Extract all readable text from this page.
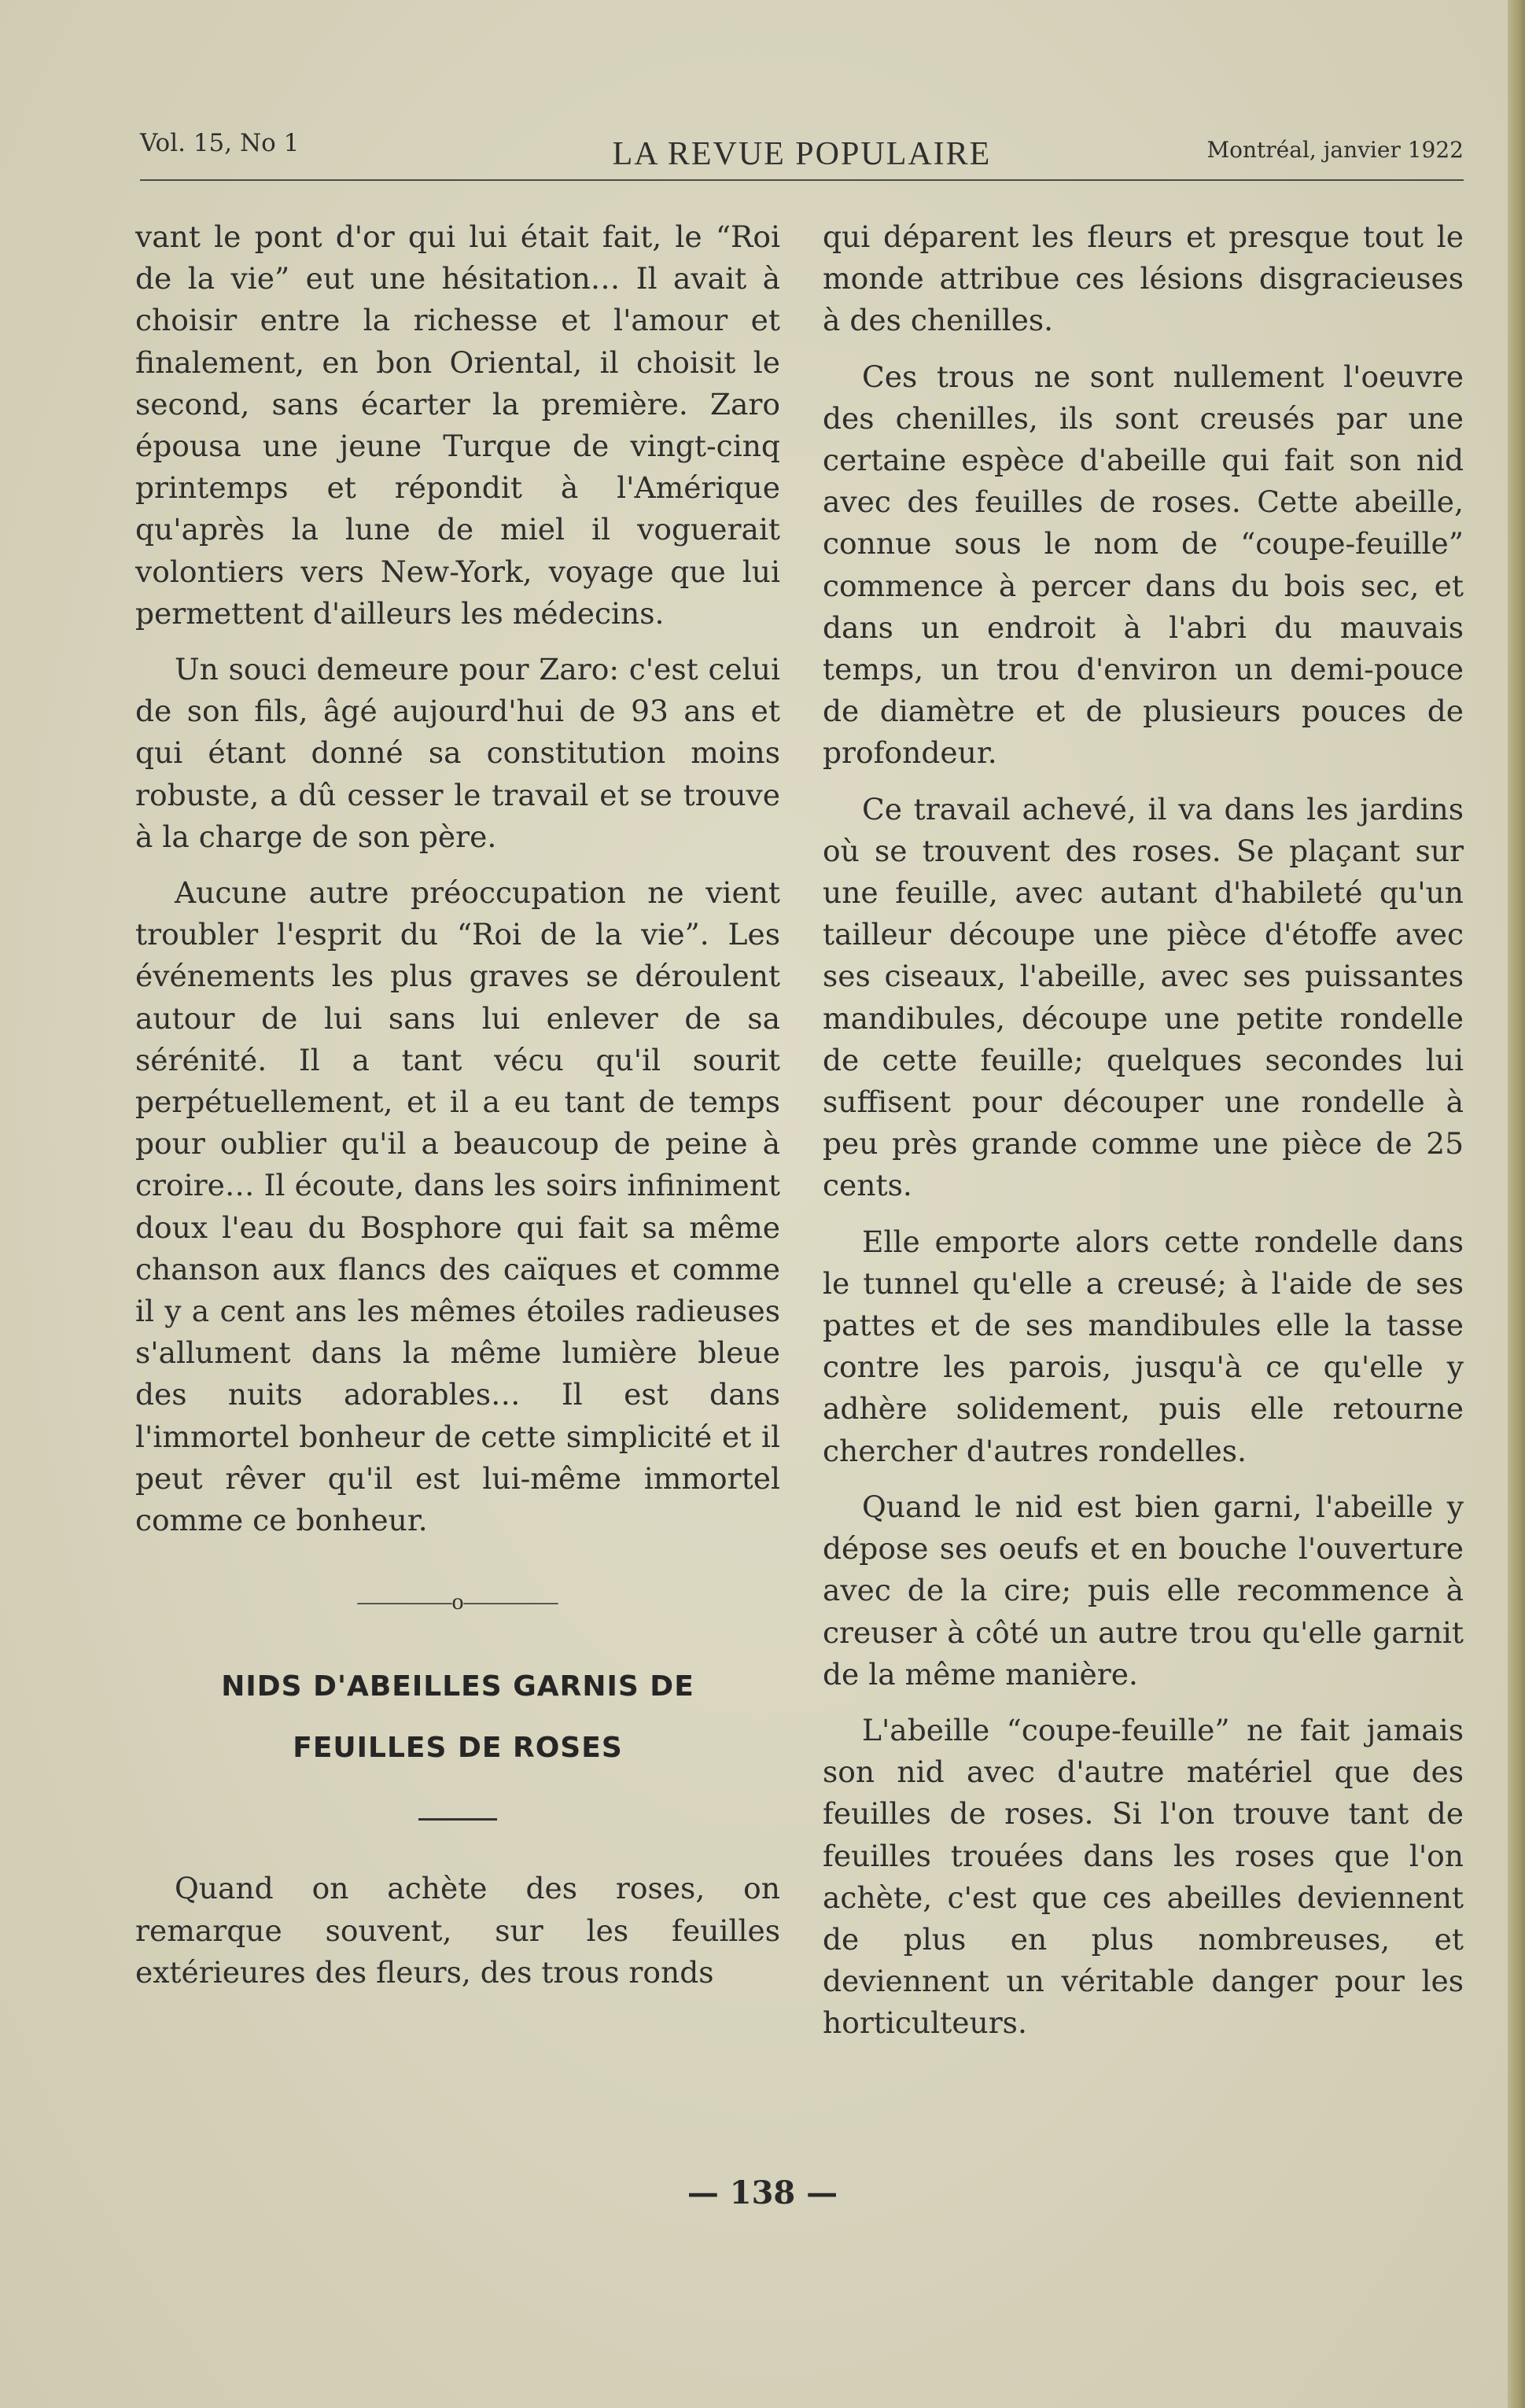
Vol. 15, No 1	LA REVUE POPULAIRE	Montréal, janvier 1922

vant le pont d'or qui lui était fait, le “Roi de la vie” eut une hésitation… Il avait à choisir entre la richesse et l'amour et finalement, en bon Oriental, il choisit le second, sans écarter la première. Zaro épousa une jeune Turque de vingt-cinq printemps et répondit à l'Amérique qu'après la lune de miel il voguerait volontiers vers New-York, voyage que lui permettent d'ailleurs les médecins.

Un souci demeure pour Zaro: c'est celui de son fils, âgé aujourd'hui de 93 ans et qui étant donné sa constitution moins robuste, a dû cesser le travail et se trouve à la charge de son père.

Aucune autre préoccupation ne vient troubler l'esprit du “Roi de la vie”. Les événements les plus graves se déroulent autour de lui sans lui enlever de sa sérénité. Il a tant vécu qu'il sourit perpétuellement, et il a eu tant de temps pour oublier qu'il a beaucoup de peine à croire… Il écoute, dans les soirs infiniment doux l'eau du Bosphore qui fait sa même chanson aux flancs des caïques et comme il y a cent ans les mêmes étoiles radieuses s'allument dans la même lumière bleue des nuits adorables… Il est dans l'immortel bonheur de cette simplicité et il peut rêver qu'il est lui-même immortel comme ce bonheur.

————o————
NIDS D'ABEILLES GARNIS DE
FEUILLES DE ROSES

Quand on achète des roses, on remarque souvent, sur les feuilles extérieures des fleurs, des trous ronds

qui déparent les fleurs et presque tout le monde attribue ces lésions disgracieuses à des chenilles.

Ces trous ne sont nullement l'oeuvre des chenilles, ils sont creusés par une certaine espèce d'abeille qui fait son nid avec des feuilles de roses. Cette abeille, connue sous le nom de “coupe-feuille” commence à percer dans du bois sec, et dans un endroit à l'abri du mauvais temps, un trou d'environ un demi-pouce de diamètre et de plusieurs pouces de profondeur.

Ce travail achevé, il va dans les jardins où se trouvent des roses. Se plaçant sur une feuille, avec autant d'habileté qu'un tailleur découpe une pièce d'étoffe avec ses ciseaux, l'abeille, avec ses puissantes mandibules, découpe une petite rondelle de cette feuille; quelques secondes lui suffisent pour découper une rondelle à peu près grande comme une pièce de 25 cents.

Elle emporte alors cette rondelle dans le tunnel qu'elle a creusé; à l'aide de ses pattes et de ses mandibules elle la tasse contre les parois, jusqu'à ce qu'elle y adhère solidement, puis elle retourne chercher d'autres rondelles.

Quand le nid est bien garni, l'abeille y dépose ses oeufs et en bouche l'ouverture avec de la cire; puis elle recommence à creuser à côté un autre trou qu'elle garnit de la même manière.

L'abeille “coupe-feuille” ne fait jamais son nid avec d'autre matériel que des feuilles de roses. Si l'on trouve tant de feuilles trouées dans les roses que l'on achète, c'est que ces abeilles deviennent de plus en plus nombreuses, et deviennent un véritable danger pour les horticulteurs.

— 138 —
